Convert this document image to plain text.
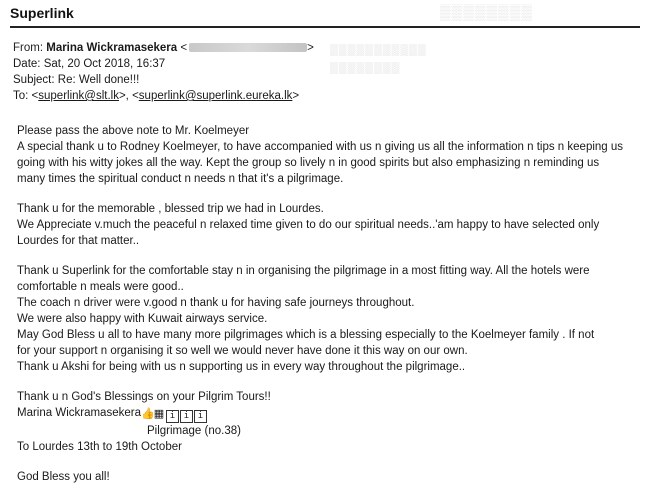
▒▒▒▒▒▒▒▒
▒▒▒▒▒▒▒▒▒▒▒
▒▒▒▒▒▒▒▒
Superlink
From: Marina Wickramasekera <	>
Date: Sat, 20 Oct 2018, 16:37
Subject: Re: Well done!!!
To: <superlink@slt.lk>, <superlink@superlink.eureka.lk>
Please pass the above note to Mr. Koelmeyer
A special thank u to Rodney Koelmeyer, to have accompanied with us n giving us all the information n tips n keeping us
going with his witty jokes all the way. Kept the group so lively n in good spirits but also emphasizing n reminding us
many times the spiritual conduct n needs n that it's a pilgrimage.
Thank u for the memorable , blessed trip we had in Lourdes.
We Appreciate v.much the peaceful n relaxed time given to do our spiritual needs..'am happy to have selected only
Lourdes for that matter..
Thank u Superlink for the comfortable stay n in organising the pilgrimage in a most fitting way. All the hotels were
comfortable n meals were good..
The coach n driver were v.good n thank u for having safe journeys throughout.
We were also happy with Kuwait airways service.
May God Bless u all to have many more pilgrimages which is a blessing especially to the Koelmeyer family . If not
for your support n organising it so well we would never have done it this way on our own.
Thank u Akshi for being with us n supporting us in every way throughout the pilgrimage..
Thank u n God's Blessings on your Pilgrim Tours!!
Marina Wickramasekera👍▦ i i i
Pilgrimage (no.38)
To Lourdes 13th to 19th October
God Bless you all!
